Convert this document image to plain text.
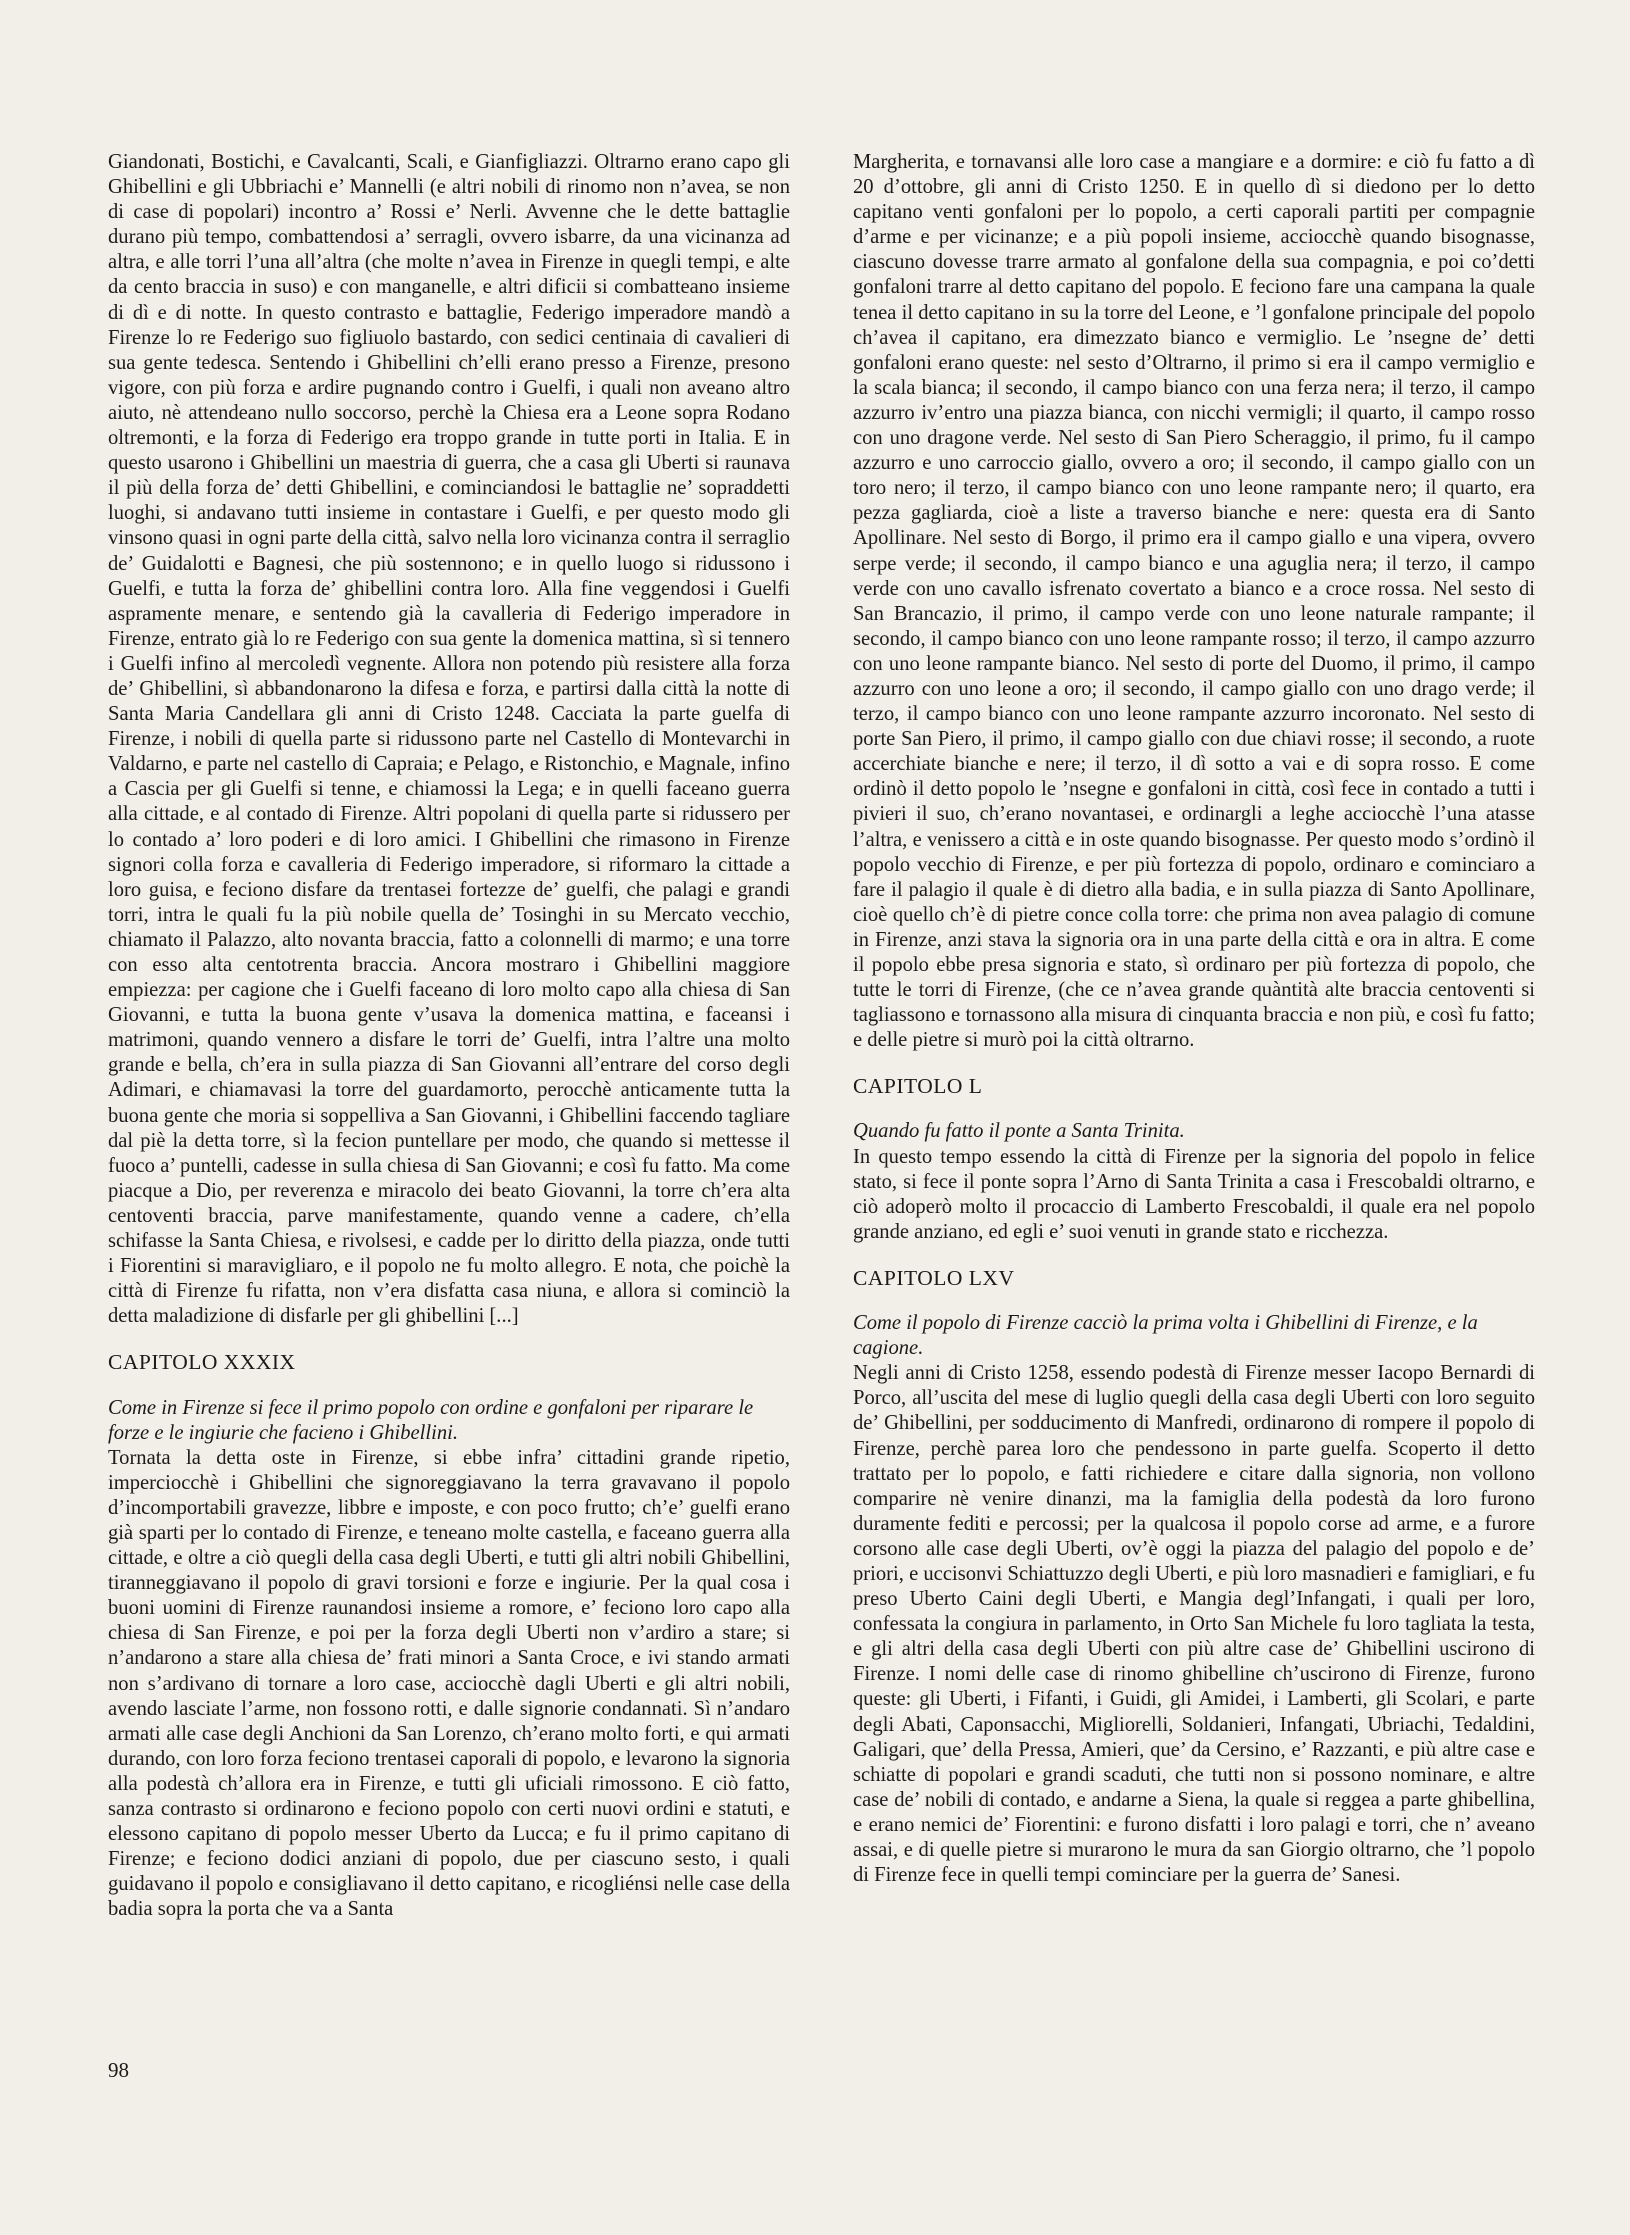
Giandonati, Bostichi, e Cavalcanti, Scali, e Gianfigliazzi. Oltrarno erano capo gli Ghibellini e gli Ubbriachi e’ Mannelli (e altri nobili di rinomo non n’avea, se non di case di popolari) incontro a’ Rossi e’ Nerli. Avvenne che le dette battaglie durano più tempo, combattendosi a’ serragli, ovvero isbarre, da una vicinanza ad altra, e alle torri l’una all’altra (che molte n’avea in Firenze in quegli tempi, e alte da cento braccia in suso) e con manganelle, e altri dificii si combatteano insieme di dì e di notte. In questo contrasto e battaglie, Federigo imperadore mandò a Firenze lo re Federigo suo figliuolo bastardo, con sedici centinaia di cavalieri di sua gente tedesca. Sentendo i Ghibellini ch’elli erano presso a Firenze, presono vigore, con più forza e ardire pugnando contro i Guelfi, i quali non aveano altro aiuto, nè attendeano nullo soccorso, perchè la Chiesa era a Leone sopra Rodano oltremonti, e la forza di Federigo era troppo grande in tutte porti in Italia. E in questo usarono i Ghibellini un maestria di guerra, che a casa gli Uberti si raunava il più della forza de’ detti Ghibellini, e cominciandosi le battaglie ne’ sopraddetti luoghi, si andavano tutti insieme in contastare i Guelfi, e per questo modo gli vinsono quasi in ogni parte della città, salvo nella loro vicinanza contra il serraglio de’ Guidalotti e Bagnesi, che più sostennono; e in quello luogo si ridussono i Guelfi, e tutta la forza de’ ghibellini contra loro. Alla fine veggendosi i Guelfi aspramente menare, e sentendo già la cavalleria di Federigo imperadore in Firenze, entrato già lo re Federigo con sua gente la domenica mattina, sì si tennero i Guelfi infino al mercoledì vegnente. Allora non potendo più resistere alla forza de’ Ghibellini, sì abbandonarono la difesa e forza, e partirsi dalla città la notte di Santa Maria Candellara gli anni di Cristo 1248. Cacciata la parte guelfa di Firenze, i nobili di quella parte si ridussono parte nel Castello di Montevarchi in Valdarno, e parte nel castello di Capraia; e Pelago, e Ristonchio, e Magnale, infino a Cascia per gli Guelfi si tenne, e chiamossi la Lega; e in quelli faceano guerra alla cittade, e al contado di Firenze. Altri popolani di quella parte si ridussero per lo contado a’ loro poderi e di loro amici. I Ghibellini che rimasono in Firenze signori colla forza e cavalleria di Federigo imperadore, si riformaro la cittade a loro guisa, e feciono disfare da trentasei fortezze de’ guelfi, che palagi e grandi torri, intra le quali fu la più nobile quella de’ Tosinghi in su Mercato vecchio, chiamato il Palazzo, alto novanta braccia, fatto a colonnelli di marmo; e una torre con esso alta centotrenta braccia. Ancora mostraro i Ghibellini maggiore empiezza: per cagione che i Guelfi faceano di loro molto capo alla chiesa di San Giovanni, e tutta la buona gente v’usava la domenica mattina, e faceansi i matrimoni, quando vennero a disfare le torri de’ Guelfi, intra l’altre una molto grande e bella, ch’era in sulla piazza di San Giovanni all’entrare del corso degli Adimari, e chiamavasi la torre del guardamorto, perocchè anticamente tutta la buona gente che moria si soppelliva a San Giovanni, i Ghibellini faccendo tagliare dal piè la detta torre, sì la fecion puntellare per modo, che quando si mettesse il fuoco a’ puntelli, cadesse in sulla chiesa di San Giovanni; e così fu fatto. Ma come piacque a Dio, per reverenza e miracolo dei beato Giovanni, la torre ch’era alta centoventi braccia, parve manifestamente, quando venne a cadere, ch’ella schifasse la Santa Chiesa, e rivolsesi, e cadde per lo diritto della piazza, onde tutti i Fiorentini si maravigliaro, e il popolo ne fu molto allegro. E nota, che poichè la città di Firenze fu rifatta, non v’era disfatta casa niuna, e allora si cominciò la detta maladizione di disfarle per gli ghibellini [...]

CAPITOLO XXXIX

Come in Firenze si fece il primo popolo con ordine e gonfaloni per riparare le forze e le ingiurie che facieno i Ghibellini.

Tornata la detta oste in Firenze, si ebbe infra’ cittadini grande ripetio, imperciocchè i Ghibellini che signoreggiavano la terra gravavano il popolo d’incomportabili gravezze, libbre e imposte, e con poco frutto; ch’e’ guelfi erano già sparti per lo contado di Firenze, e teneano molte castella, e faceano guerra alla cittade, e oltre a ciò quegli della casa degli Uberti, e tutti gli altri nobili Ghibellini, tiranneggiavano il popolo di gravi torsioni e forze e ingiurie. Per la qual cosa i buoni uomini di Firenze raunandosi insieme a romore, e’ feciono loro capo alla chiesa di San Firenze, e poi per la forza degli Uberti non v’ardiro a stare; si n’andarono a stare alla chiesa de’ frati minori a Santa Croce, e ivi stando armati non s’ardivano di tornare a loro case, acciocchè dagli Uberti e gli altri nobili, avendo lasciate l’arme, non fossono rotti, e dalle signorie condannati. Sì n’andaro armati alle case degli Anchioni da San Lorenzo, ch’erano molto forti, e qui armati durando, con loro forza feciono trentasei caporali di popolo, e levarono la signoria alla podestà ch’allora era in Firenze, e tutti gli uficiali rimossono. E ciò fatto, sanza contrasto si ordinarono e feciono popolo con certi nuovi ordini e statuti, e elessono capitano di popolo messer Uberto da Lucca; e fu il primo capitano di Firenze; e feciono dodici anziani di popolo, due per ciascuno sesto, i quali guidavano il popolo e consigliavano il detto capitano, e ricogliénsi nelle case della badia sopra la porta che va a Santa

Margherita, e tornavansi alle loro case a mangiare e a dormire: e ciò fu fatto a dì 20 d’ottobre, gli anni di Cristo 1250. E in quello dì si diedono per lo detto capitano venti gonfaloni per lo popolo, a certi caporali partiti per compagnie d’arme e per vicinanze; e a più popoli insieme, acciocchè quando bisognasse, ciascuno dovesse trarre armato al gonfalone della sua compagnia, e poi co’detti gonfaloni trarre al detto capitano del popolo. E feciono fare una campana la quale tenea il detto capitano in su la torre del Leone, e ’l gonfalone principale del popolo ch’avea il capitano, era dimezzato bianco e vermiglio. Le ’nsegne de’ detti gonfaloni erano queste: nel sesto d’Oltrarno, il primo si era il campo vermiglio e la scala bianca; il secondo, il campo bianco con una ferza nera; il terzo, il campo azzurro iv’entro una piazza bianca, con nicchi vermigli; il quarto, il campo rosso con uno dragone verde. Nel sesto di San Piero Scheraggio, il primo, fu il campo azzurro e uno carroccio giallo, ovvero a oro; il secondo, il campo giallo con un toro nero; il terzo, il campo bianco con uno leone rampante nero; il quarto, era pezza gagliarda, cioè a liste a traverso bianche e nere: questa era di Santo Apollinare. Nel sesto di Borgo, il primo era il campo giallo e una vipera, ovvero serpe verde; il secondo, il campo bianco e una aguglia nera; il terzo, il campo verde con uno cavallo isfrenato covertato a bianco e a croce rossa. Nel sesto di San Brancazio, il primo, il campo verde con uno leone naturale rampante; il secondo, il campo bianco con uno leone rampante rosso; il terzo, il campo azzurro con uno leone rampante bianco. Nel sesto di porte del Duomo, il primo, il campo azzurro con uno leone a oro; il secondo, il campo giallo con uno drago verde; il terzo, il campo bianco con uno leone rampante azzurro incoronato. Nel sesto di porte San Piero, il primo, il campo giallo con due chiavi rosse; il secondo, a ruote accerchiate bianche e nere; il terzo, il dì sotto a vai e di sopra rosso. E come ordinò il detto popolo le ’nsegne e gonfaloni in città, così fece in contado a tutti i pivieri il suo, ch’erano novantasei, e ordinargli a leghe acciocchè l’una atasse l’altra, e venissero a città e in oste quando bisognasse. Per questo modo s’ordinò il popolo vecchio di Firenze, e per più fortezza di popolo, ordinaro e cominciaro a fare il palagio il quale è di dietro alla badia, e in sulla piazza di Santo Apollinare, cioè quello ch’è di pietre conce colla torre: che prima non avea palagio di comune in Firenze, anzi stava la signoria ora in una parte della città e ora in altra. E come il popolo ebbe presa signoria e stato, sì ordinaro per più fortezza di popolo, che tutte le torri di Firenze, (che ce n’avea grande quàntità alte braccia centoventi si tagliassono e tornassono alla misura di cinquanta braccia e non più, e così fu fatto; e delle pietre si murò poi la città oltrarno.

CAPITOLO L

Quando fu fatto il ponte a Santa Trinita.

In questo tempo essendo la città di Firenze per la signoria del popolo in felice stato, si fece il ponte sopra l’Arno di Santa Trinita a casa i Frescobaldi oltrarno, e ciò adoperò molto il procaccio di Lamberto Frescobaldi, il quale era nel popolo grande anziano, ed egli e’ suoi venuti in grande stato e ricchezza.

CAPITOLO LXV

Come il popolo di Firenze cacciò la prima volta i Ghibellini di Firenze, e la cagione.

Negli anni di Cristo 1258, essendo podestà di Firenze messer Iacopo Bernardi di Porco, all’uscita del mese di luglio quegli della casa degli Uberti con loro seguito de’ Ghibellini, per sodducimento di Manfredi, ordinarono di rompere il popolo di Firenze, perchè parea loro che pendessono in parte guelfa. Scoperto il detto trattato per lo popolo, e fatti richiedere e citare dalla signoria, non vollono comparire nè venire dinanzi, ma la famiglia della podestà da loro furono duramente fediti e percossi; per la qualcosa il popolo corse ad arme, e a furore corsono alle case degli Uberti, ov’è oggi la piazza del palagio del popolo e de’ priori, e uccisonvi Schiattuzzo degli Uberti, e più loro masnadieri e famigliari, e fu preso Uberto Caini degli Uberti, e Mangia degl’Infangati, i quali per loro, confessata la congiura in parlamento, in Orto San Michele fu loro tagliata la testa, e gli altri della casa degli Uberti con più altre case de’ Ghibellini uscirono di Firenze. I nomi delle case di rinomo ghibelline ch’uscirono di Firenze, furono queste: gli Uberti, i Fifanti, i Guidi, gli Amidei, i Lamberti, gli Scolari, e parte degli Abati, Caponsacchi, Migliorelli, Soldanieri, Infangati, Ubriachi, Tedaldini, Galigari, que’ della Pressa, Amieri, que’ da Cersino, e’ Razzanti, e più altre case e schiatte di popolari e grandi scaduti, che tutti non si possono nominare, e altre case de’ nobili di contado, e andarne a Siena, la quale si reggea a parte ghibellina, e erano nemici de’ Fiorentini: e furono disfatti i loro palagi e torri, che n’ aveano assai, e di quelle pietre si murarono le mura da san Giorgio oltrarno, che ’l popolo di Firenze fece in quelli tempi cominciare per la guerra de’ Sanesi.

98
